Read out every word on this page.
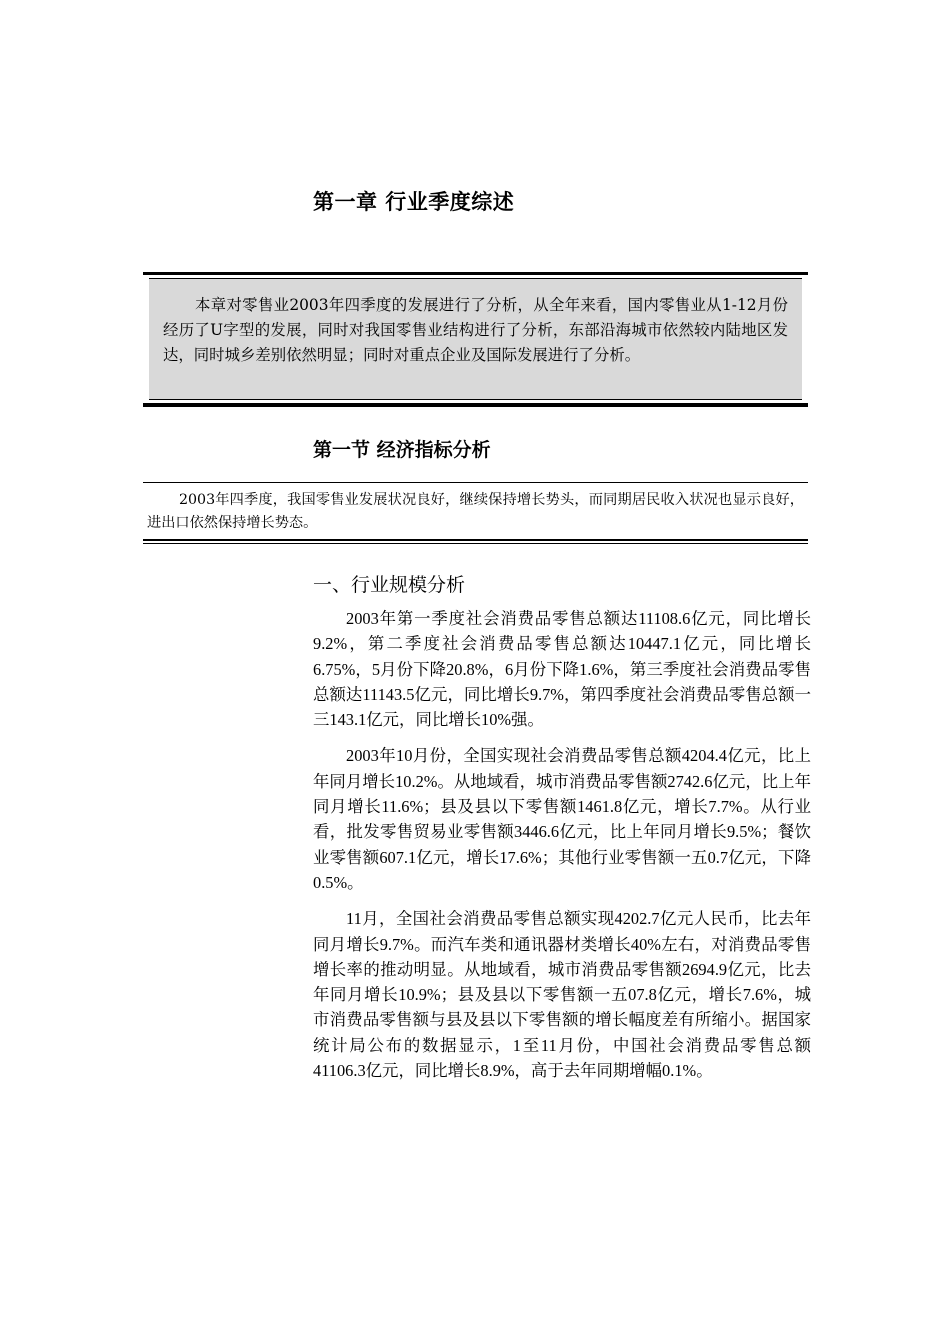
第一章 行业季度综述
本章对零售业2003年四季度的发展进行了分析，从全年来看，国内零售业从1-12月份经历了U字型的发展，同时对我国零售业结构进行了分析，东部沿海城市依然较内陆地区发达，同时城乡差别依然明显；同时对重点企业及国际发展进行了分析。
第一节 经济指标分析
2003年四季度，我国零售业发展状况良好，继续保持增长势头，而同期居民收入状况也显示良好，进出口依然保持增长势态。
一、行业规模分析

2003年第一季度社会消费品零售总额达11108.6亿元，同比增长9.2%，第二季度社会消费品零售总额达10447.1亿元，同比增长6.75%，5月份下降20.8%，6月份下降1.6%，第三季度社会消费品零售总额达11143.5亿元，同比增长9.7%，第四季度社会消费品零售总额一三143.1亿元，同比增长10%强。

2003年10月份，全国实现社会消费品零售总额4204.4亿元，比上年同月增长10.2%。从地域看，城市消费品零售额2742.6亿元，比上年同月增长11.6%；县及县以下零售额1461.8亿元，增长7.7%。从行业看，批发零售贸易业零售额3446.6亿元，比上年同月增长9.5%；餐饮业零售额607.1亿元，增长17.6%；其他行业零售额一五0.7亿元，下降0.5%。

11月，全国社会消费品零售总额实现4202.7亿元人民币，比去年同月增长9.7%。而汽车类和通讯器材类增长40%左右，对消费品零售增长率的推动明显。从地域看，城市消费品零售额2694.9亿元，比去年同月增长10.9%；县及县以下零售额一五07.8亿元，增长7.6%，城市消费品零售额与县及县以下零售额的增长幅度差有所缩小。据国家统计局公布的数据显示，1至11月份，中国社会消费品零售总额41106.3亿元，同比增长8.9%，高于去年同期增幅0.1%。
